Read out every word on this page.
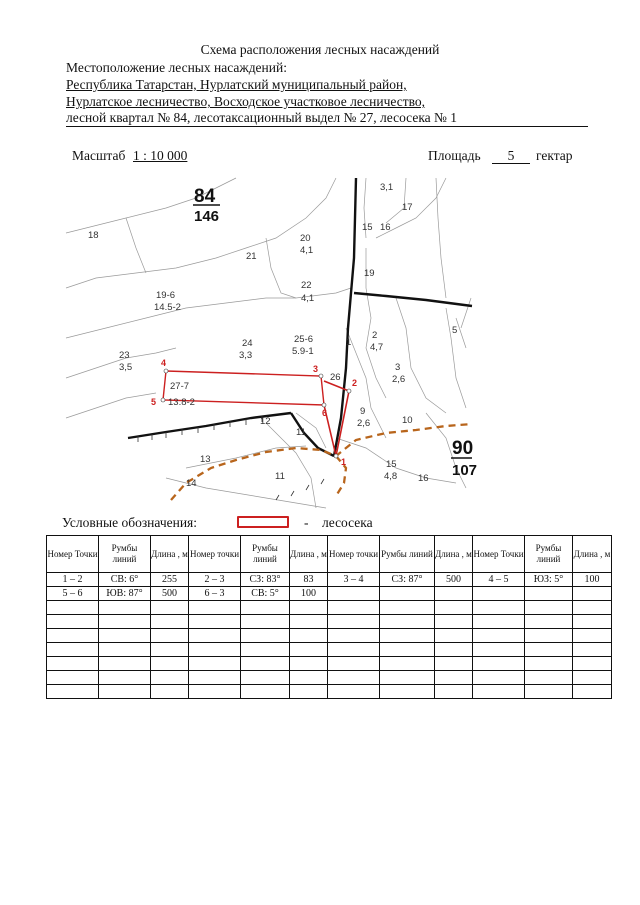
Схема расположения лесных насаждений
Местоположение лесных насаждений:
Республика Татарстан, Нурлатский муниципальный район,
Нурлатское лесничество, Восходское участковое лесничество,
лесной квартал № 84, лесотаксационный выдел № 27, лесосека № 1
Масштаб 1 : 10 000	Площадь	5	гектар
84
146
90
107
3,1
17
18
15 16
20
4,1
21
19
22
4,1
19-6
14.5-2
5
25-6
5.9-1
2
4,7
1
23
3,5
24
3,3
26
3
2,6
9
2,6	10
11
12
11
13	15
4,8 16
14
27-7
13.8-2
1
2
3
4
5
6
Условные обозначения:	- лесосека
Номер Точки	Румбы линий	Длина , м	Номер точки	Румбы линий	Длина , м	Номер точки	Румбы линий	Длина , м	Номер Точки	Румбы линий	Длина , м
1 – 2	СВ: 6°	255	2 – 3	СЗ: 83°	83	3 – 4	СЗ: 87°	500	4 – 5	ЮЗ: 5°	100
5 – 6	ЮВ: 87°	500	6 – 3	СВ: 5°	100						
